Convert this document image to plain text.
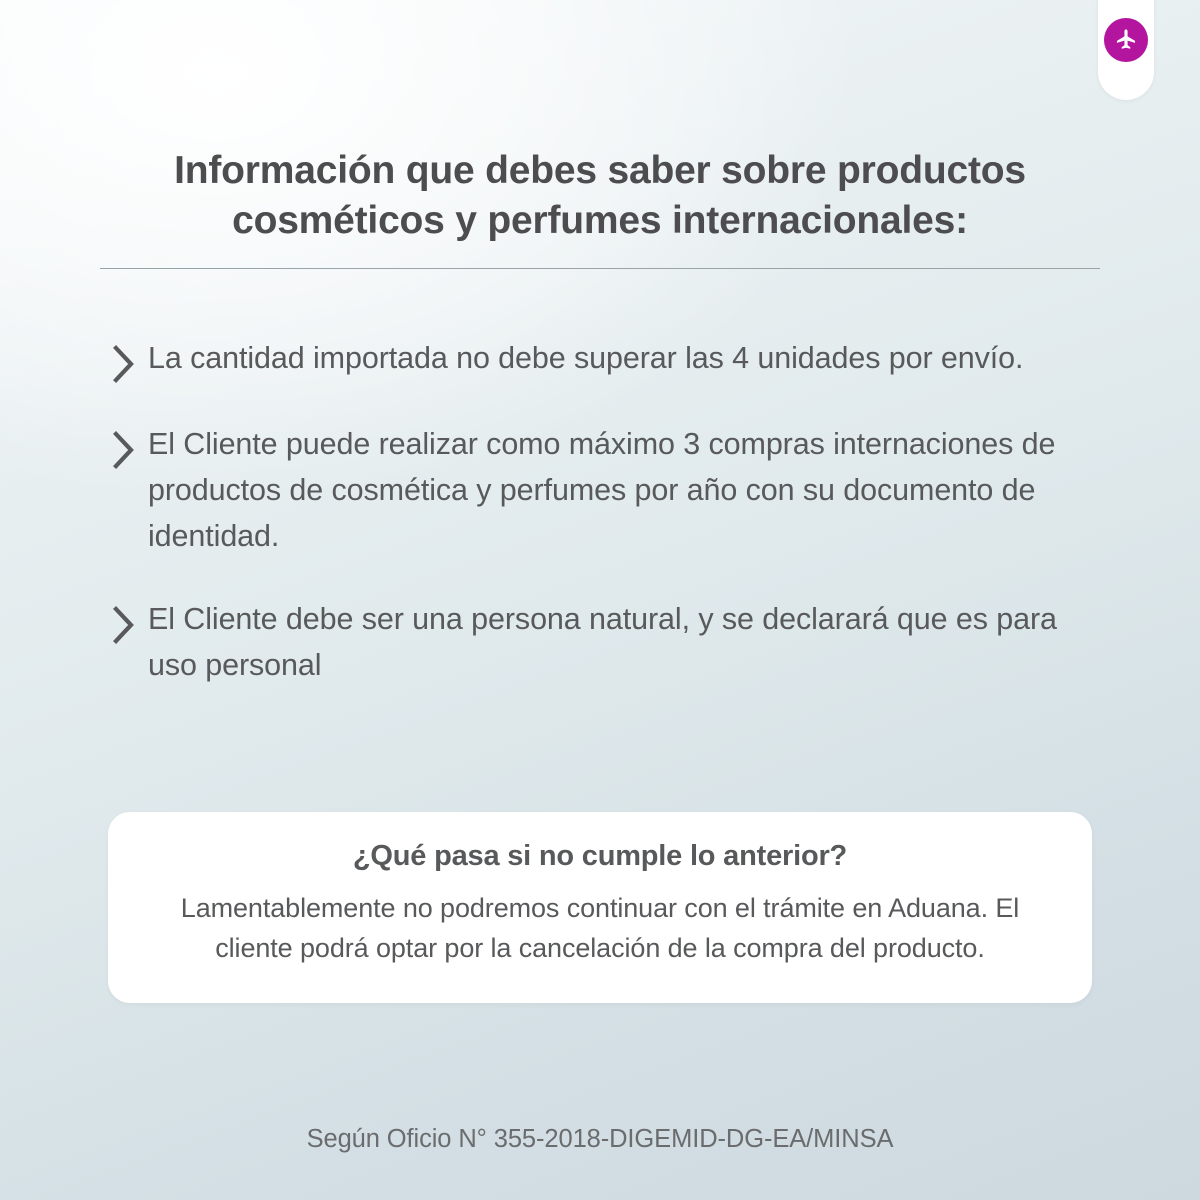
Información que debes saber sobre productos cosméticos y perfumes internacionales:
La cantidad importada no debe superar las 4 unidades por envío.
El Cliente puede realizar como máximo 3 compras internaciones de productos de cosmética y perfumes por año con su documento de identidad.
El Cliente debe ser una persona natural, y se declarará que es para uso personal

¿Qué pasa si no cumple lo anterior?

Lamentablemente no podremos continuar con el trámite en Aduana. El cliente podrá optar por la cancelación de la compra del producto.

Según Oficio N° 355-2018-DIGEMID-DG-EA/MINSA
